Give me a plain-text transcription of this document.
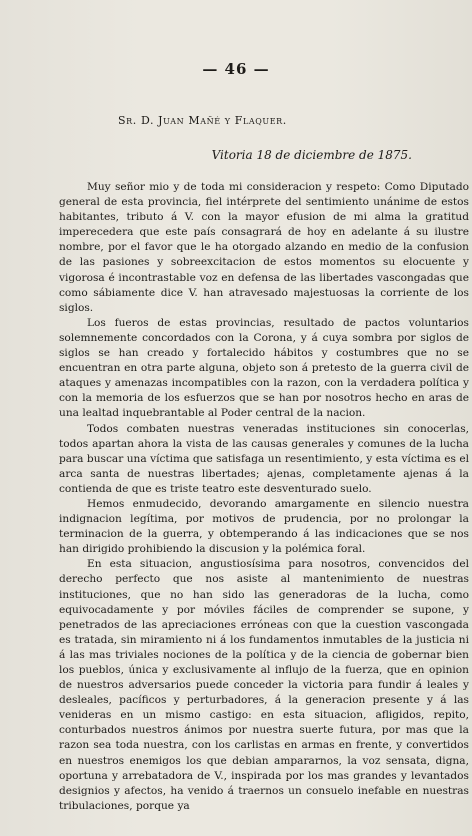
— 46 —
Sr. D. Juan Mañé y Flaquer.
Vitoria 18 de diciembre de 1875.

Muy señor mio y de toda mi consideracion y respeto: Como Diputado general de esta provincia, fiel intérprete del sentimiento unánime de estos habitantes, tributo á V. con la mayor efusion de mi alma la gratitud imperecedera que este país consagrará de hoy en adelante á su ilustre nombre, por el favor que le ha otorgado alzando en medio de la confusion de las pasiones y sobreexcitacion de estos momentos su elocuente y vigorosa é incontrastable voz en defensa de las libertades vascongadas que como sábiamente dice V. han atravesado majestuosas la corriente de los siglos.

Los fueros de estas provincias, resultado de pactos voluntarios solemnemente concordados con la Corona, y á cuya sombra por siglos de siglos se han creado y fortalecido hábitos y costumbres que no se encuentran en otra parte alguna, objeto son á pretesto de la guerra civil de ataques y amenazas incompatibles con la razon, con la verdadera política y con la memoria de los esfuerzos que se han por nosotros hecho en aras de una lealtad inquebrantable al Poder central de la nacion.

Todos combaten nuestras veneradas instituciones sin conocerlas, todos apartan ahora la vista de las causas generales y comunes de la lucha para buscar una víctima que satisfaga un resentimiento, y esta víctima es el arca santa de nuestras libertades; ajenas, completamente ajenas á la contienda de que es triste teatro este desventurado suelo.

Hemos enmudecido, devorando amargamente en silencio nuestra indignacion legítima, por motivos de prudencia, por no prolongar la terminacion de la guerra, y obtemperando á las indicaciones que se nos han dirigido prohibiendo la discusion y la polémica foral.

En esta situacion, angustiosísima para nosotros, convencidos del derecho perfecto que nos asiste al mantenimiento de nuestras instituciones, que no han sido las generadoras de la lucha, como equivocadamente y por móviles fáciles de comprender se supone, y penetrados de las apreciaciones erróneas con que la cuestion vascongada es tratada, sin miramiento ni á los fundamentos inmutables de la justicia ni á las mas triviales nociones de la política y de la ciencia de gobernar bien los pueblos, única y exclusivamente al influjo de la fuerza, que en opinion de nuestros adversarios puede conceder la victoria para fundir á leales y desleales, pacíficos y perturbadores, á la generacion presente y á las venideras en un mismo castigo: en esta situacion, afligidos, repito, conturbados nuestros ánimos por nuestra suerte futura, por mas que la razon sea toda nuestra, con los carlistas en armas en frente, y convertidos en nuestros enemigos los que debian ampararnos, la voz sensata, digna, oportuna y arrebatadora de V., inspirada por los mas grandes y levantados designios y afectos, ha venido á traernos un consuelo inefable en nuestras tribulaciones, porque ya
